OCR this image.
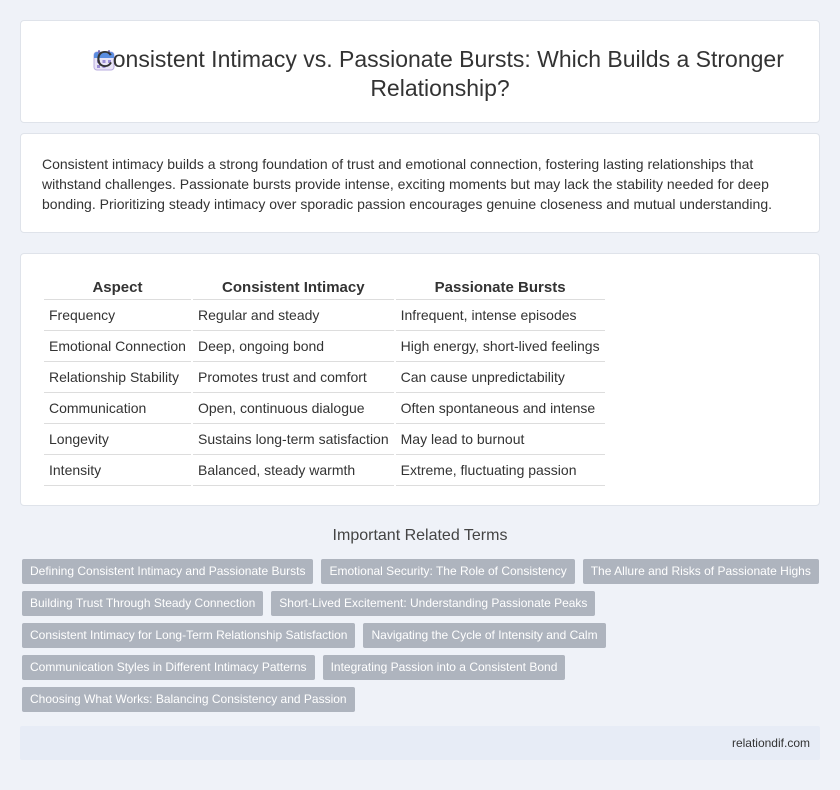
Consistent Intimacy vs. Passionate Bursts: Which Builds a Stronger Relationship?

Consistent intimacy builds a strong foundation of trust and emotional connection, fostering lasting relationships that withstand challenges. Passionate bursts provide intense, exciting moments but may lack the stability needed for deep bonding. Prioritizing steady intimacy over sporadic passion encourages genuine closeness and mutual understanding.

Aspect	Consistent Intimacy	Passionate Bursts
Frequency	Regular and steady	Infrequent, intense episodes
Emotional Connection	Deep, ongoing bond	High energy, short-lived feelings
Relationship Stability	Promotes trust and comfort	Can cause unpredictability
Communication	Open, continuous dialogue	Often spontaneous and intense
Longevity	Sustains long-term satisfaction	May lead to burnout
Intensity	Balanced, steady warmth	Extreme, fluctuating passion
Important Related Terms
Defining Consistent Intimacy and Passionate Bursts	Emotional Security: The Role of Consistency	The Allure and Risks of Passionate Highs
Building Trust Through Steady Connection	Short-Lived Excitement: Understanding Passionate Peaks
Consistent Intimacy for Long-Term Relationship Satisfaction	Navigating the Cycle of Intensity and Calm
Communication Styles in Different Intimacy Patterns	Integrating Passion into a Consistent Bond
Choosing What Works: Balancing Consistency and Passion
relationdif.com
